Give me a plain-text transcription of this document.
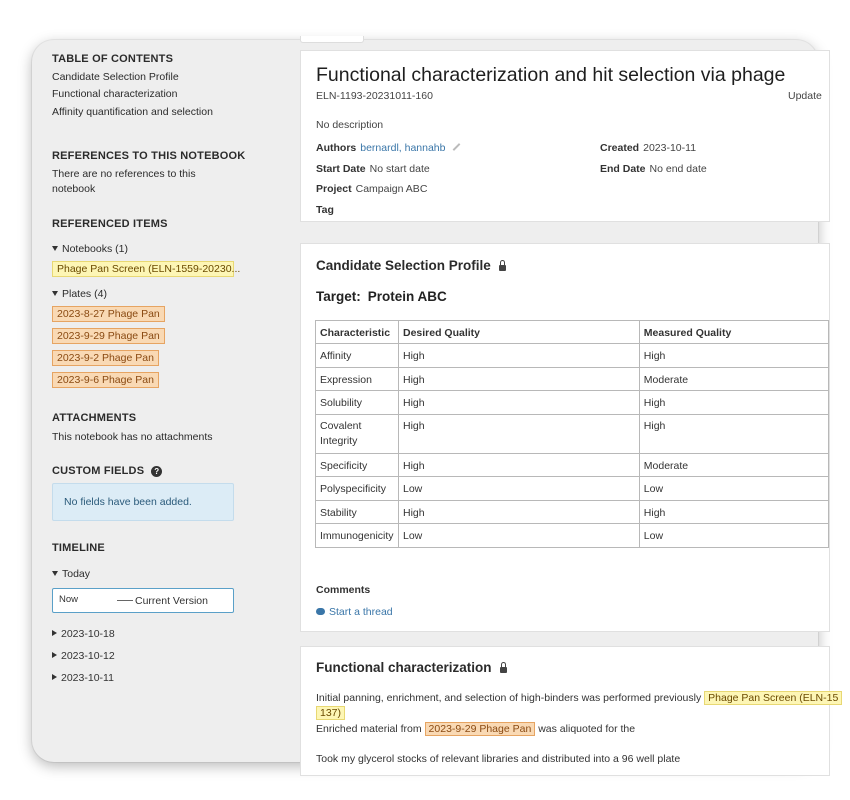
TABLE OF CONTENTS
Candidate Selection Profile
Functional characterization
Affinity quantification and selection
REFERENCES TO THIS NOTEBOOK
There are no references to this
notebook
REFERENCED ITEMS
Notebooks (1)
Phage Pan Screen (ELN-1559-20230...
Plates (4)
2023-8-27 Phage Pan
2023-9-29 Phage Pan
2023-9-2 Phage Pan
2023-9-6 Phage Pan
ATTACHMENTS
This notebook has no attachments
CUSTOM FIELDS ?
No fields have been added.
TIMELINE
Today
Now	Current Version
2023-10-18
2023-10-12
2023-10-11
Functional characterization and hit selection via phage
ELN-1193-20231011-160	Update
No description
Authors bernardl, hannahb
Start Date No start date
Project Campaign ABC
Tag
Created 2023-10-11
End Date No end date
Candidate Selection Profile
Target: Protein ABC
Characteristic	Desired Quality	Measured Quality
Affinity	High	High
Expression	High	Moderate
Solubility	High	High
Covalent Integrity	High	High
Specificity	High	Moderate
Polyspecificity	Low	Low
Stability	High	High
Immunogenicity	Low	Low
Comments
Start a thread
Functional characterization
Initial panning, enrichment, and selection of high-binders was performed previously Phage Pan Screen (ELN-15
137)
Enriched material from 2023-9-29 Phage Pan was aliquoted for the
Took my glycerol stocks of relevant libraries and distributed into a 96 well plate
